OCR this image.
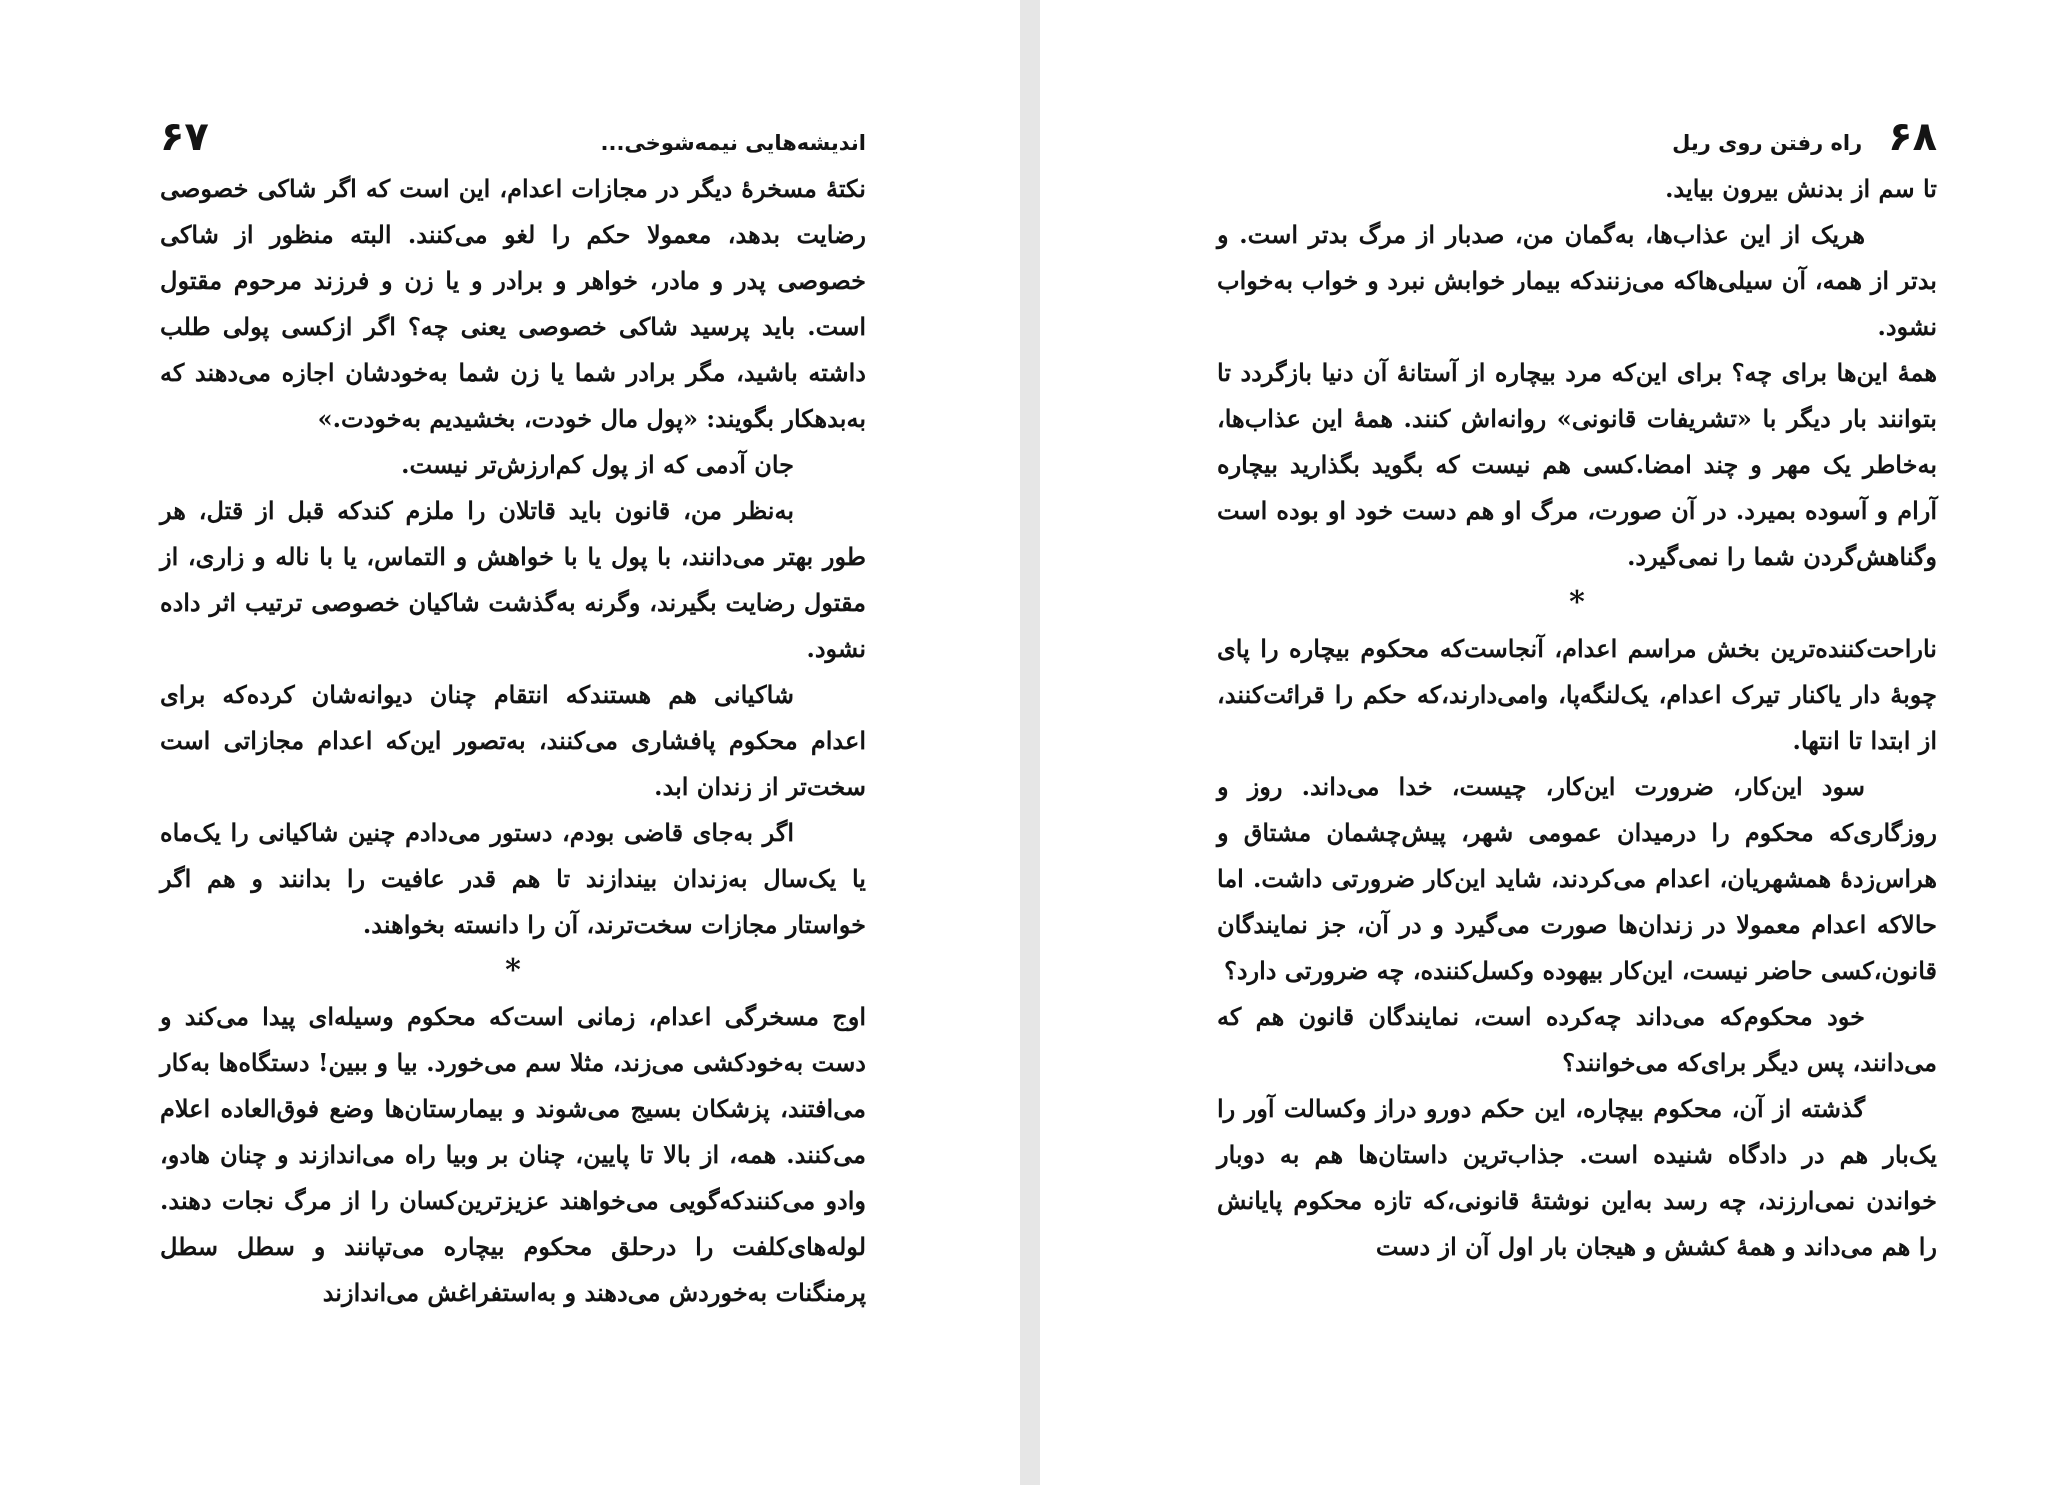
اندیشه‌هایی نیمه‌شوخی...
۶۷

نکتهٔ مسخرهٔ دیگر در مجازات اعدام، این است که اگر شاکی خصوصی رضایت بدهد، معمولا حکم را لغو می‌کنند. البته منظور از شاکی خصوصی پدر و مادر، خواهر و برادر و یا زن و فرزند مرحوم مقتول است. باید پرسید شاکی خصوصی یعنی چه؟ اگر ازکسی پولی طلب داشته باشید، مگر برادر شما یا زن شما به‌خودشان اجازه می‌دهند که به‌بدهکار بگویند: «پول مال خودت، بخشیدیم به‌خودت.»

جان آدمی که از پول کم‌ارزش‌تر نیست.

به‌نظر من، قانون باید قاتلان را ملزم کندکه قبل از قتل، هر طور بهتر می‌دانند، با پول یا با خواهش و التماس، یا با ناله و زاری، از مقتول رضایت بگیرند، وگرنه به‌گذشت شاکیان خصوصی ترتیب اثر داده نشود.

شاکیانی هم هستندکه انتقام چنان دیوانه‌شان کرده‌که برای اعدام محکوم پافشاری می‌کنند، به‌تصور این‌که اعدام مجازاتی است سخت‌تر از زندان ابد.

اگر به‌جای قاضی بودم، دستور می‌دادم چنین شاکیانی را یک‌ماه یا یک‌سال به‌زندان بیندازند تا هم قدر عافیت را بدانند و هم اگر خواستار مجازات سخت‌ترند، آن را دانسته بخواهند.

*

اوج مسخرگی اعدام، زمانی است‌که محکوم وسیله‌ای پیدا می‌کند و دست به‌خودکشی می‌زند، مثلا سم می‌خورد. بیا و ببین! دستگاه‌ها به‌کار می‌افتند، پزشکان بسیج می‌شوند و بیمارستان‌ها وضع فوق‌العاده اعلام می‌کنند. همه، از بالا تا پایین، چنان بر وبیا راه می‌اندازند و چنان هادو، وادو می‌کنندکه‌گویی می‌خواهند عزیزترین‌کسان را از مرگ نجات دهند. لوله‌های‌کلفت را درحلق محکوم بیچاره می‌تپانند و سطل سطل پرمنگنات به‌خوردش می‌دهند و به‌استفراغش می‌اندازند

۶۸
راه رفتن روی ریل

تا سم از بدنش بیرون بیاید.

هریک از این عذاب‌ها، به‌گمان من، صدبار از مرگ بدتر است. و بدتر از همه، آن سیلی‌هاکه می‌زنندکه بیمار خوابش نبرد و خواب به‌خواب نشود.

همهٔ این‌ها برای چه؟ برای این‌که مرد بیچاره از آستانهٔ آن دنیا بازگردد تا بتوانند بار دیگر با «تشریفات قانونی» روانه‌اش کنند. همهٔ این عذاب‌ها، به‌خاطر یک مهر و چند امضا.کسی هم نیست که بگوید بگذارید بیچاره آرام و آسوده بمیرد. در آن صورت، مرگ او هم دست خود او بوده است وگناهش‌گردن شما را نمی‌گیرد.

*

ناراحت‌کننده‌ترین بخش مراسم اعدام، آنجاست‌که محکوم بیچاره را پای چوبهٔ دار یاکنار تیرک اعدام، یک‌لنگه‌پا، وامی‌دارند،که حکم را قرائت‌کنند، از ابتدا تا انتها.

سود این‌کار، ضرورت این‌کار، چیست، خدا می‌داند. روز و روزگاری‌که محکوم را درمیدان عمومی شهر، پیش‌چشمان مشتاق و هراس‌زدهٔ همشهریان، اعدام می‌کردند، شاید این‌کار ضرورتی داشت. اما حالاکه اعدام معمولا در زندان‌ها صورت می‌گیرد و در آن، جز نمایندگان قانون،کسی حاضر نیست، این‌کار بیهوده وکسل‌کننده، چه ضرورتی دارد؟

خود محکوم‌که می‌داند چه‌کرده است، نمایندگان قانون هم که می‌دانند، پس دیگر برای‌که می‌خوانند؟

گذشته از آن، محکوم بیچاره، این حکم دورو دراز وکسالت آور را یک‌بار هم در دادگاه شنیده است. جذاب‌ترین داستان‌ها هم به دوبار خواندن نمی‌ارزند، چه رسد به‌این نوشتهٔ قانونی،که تازه محکوم پایانش را هم می‌داند و همهٔ کشش و هیجان بار اول آن از دست
